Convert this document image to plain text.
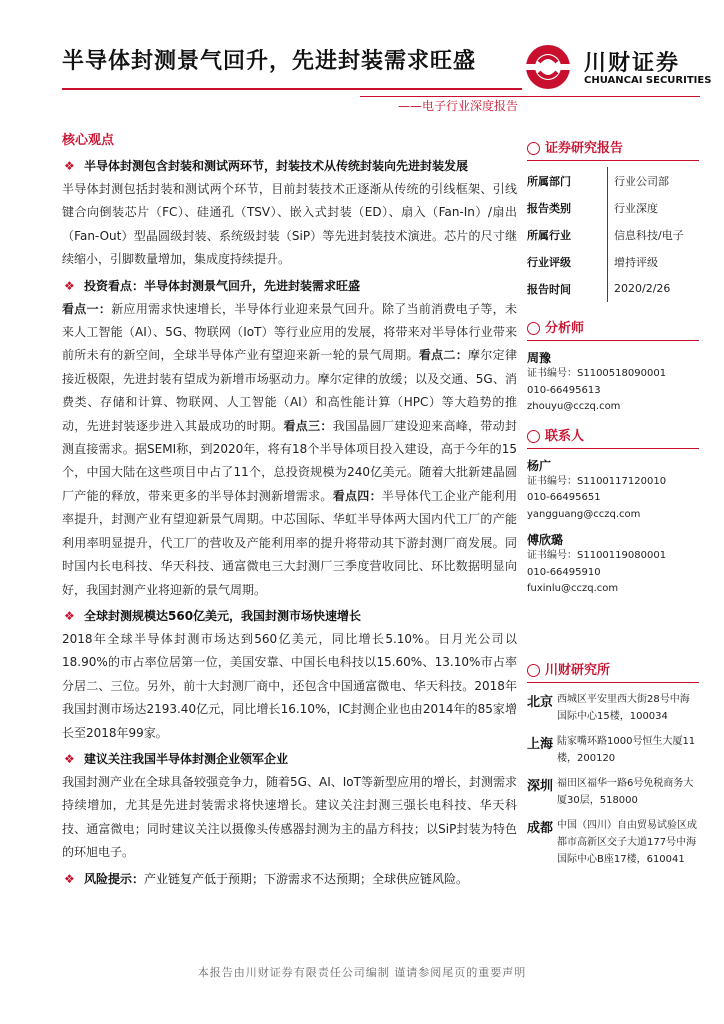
半导体封测景气回升，先进封装需求旺盛	川财证券
CHUANCAI SECURITIES
——电子行业深度报告
核心观点
❖ 半导体封测包含封装和测试两环节，封装技术从传统封装向先进封装发展
半导体封测包括封装和测试两个环节，目前封装技术正逐渐从传统的引线框架、引线键合向倒装芯片（FC）、硅通孔（TSV）、嵌入式封装（ED）、扇入（Fan-In）/扇出（Fan-Out）型晶圆级封装、系统级封装（SiP）等先进封装技术演进。芯片的尺寸继续缩小，引脚数量增加，集成度持续提升。
❖ 投资看点：半导体封测景气回升，先进封装需求旺盛
看点一：新应用需求快速增长，半导体行业迎来景气回升。除了当前消费电子等，未来人工智能（AI）、5G、物联网（IoT）等行业应用的发展，将带来对半导体行业带来前所未有的新空间，全球半导体产业有望迎来新一轮的景气周期。看点二：摩尔定律接近极限，先进封装有望成为新增市场驱动力。摩尔定律的放缓；以及交通、5G、消费类、存储和计算、物联网、人工智能（AI）和高性能计算（HPC）等大趋势的推动，先进封装逐步进入其最成功的时期。看点三：我国晶圆厂建设迎来高峰，带动封测直接需求。据SEMI称，到2020年，将有18个半导体项目投入建设，高于今年的15个，中国大陆在这些项目中占了11个，总投资规模为240亿美元。随着大批新建晶圆厂产能的释放，带来更多的半导体封测新增需求。看点四：半导体代工企业产能利用率提升，封测产业有望迎新景气周期。中芯国际、华虹半导体两大国内代工厂的产能利用率明显提升，代工厂的营收及产能利用率的提升将带动其下游封测厂商发展。同时国内长电科技、华天科技、通富微电三大封测厂三季度营收同比、环比数据明显向好，我国封测产业将迎新的景气周期。
❖ 全球封测规模达560亿美元，我国封测市场快速增长
2018年全球半导体封测市场达到560亿美元，同比增长5.10%。日月光公司以18.90%的市占率位居第一位，美国安靠、中国长电科技以15.60%、13.10%市占率分居二、三位。另外，前十大封测厂商中，还包含中国通富微电、华天科技。2018年我国封测市场达2193.40亿元，同比增长16.10%，IC封测企业也由2014年的85家增长至2018年99家。
❖ 建议关注我国半导体封测企业领军企业
我国封测产业在全球具备较强竞争力，随着5G、AI、IoT等新型应用的增长，封测需求持续增加，尤其是先进封装需求将快速增长。建议关注封测三强长电科技、华天科技、通富微电；同时建议关注以摄像头传感器封测为主的晶方科技；以SiP封装为特色的环旭电子。
❖ 风险提示：产业链复产低于预期；下游需求不达预期；全球供应链风险。
证券研究报告
所属部门	行业公司部
报告类别	行业深度
所属行业	信息科技/电子
行业评级	增持评级
报告时间	2020/2/26
分析师
周豫
证书编号：S1100518090001
010-66495613
zhouyu@cczq.com
联系人
杨广
证书编号：S1100117120010
010-66495651
yangguang@cczq.com
傅欣璐
证书编号：S1100119080001
010-66495910
fuxinlu@cczq.com
川财研究所
北京 西城区平安里西大街28号中海国际中心15楼，100034
上海 陆家嘴环路1000号恒生大厦11楼，200120
深圳 福田区福华一路6号免税商务大厦30层，518000
成都 中国（四川）自由贸易试验区成都市高新区交子大道177号中海国际中心B座17楼，610041
本报告由川财证券有限责任公司编制 谨请参阅尾页的重要声明
